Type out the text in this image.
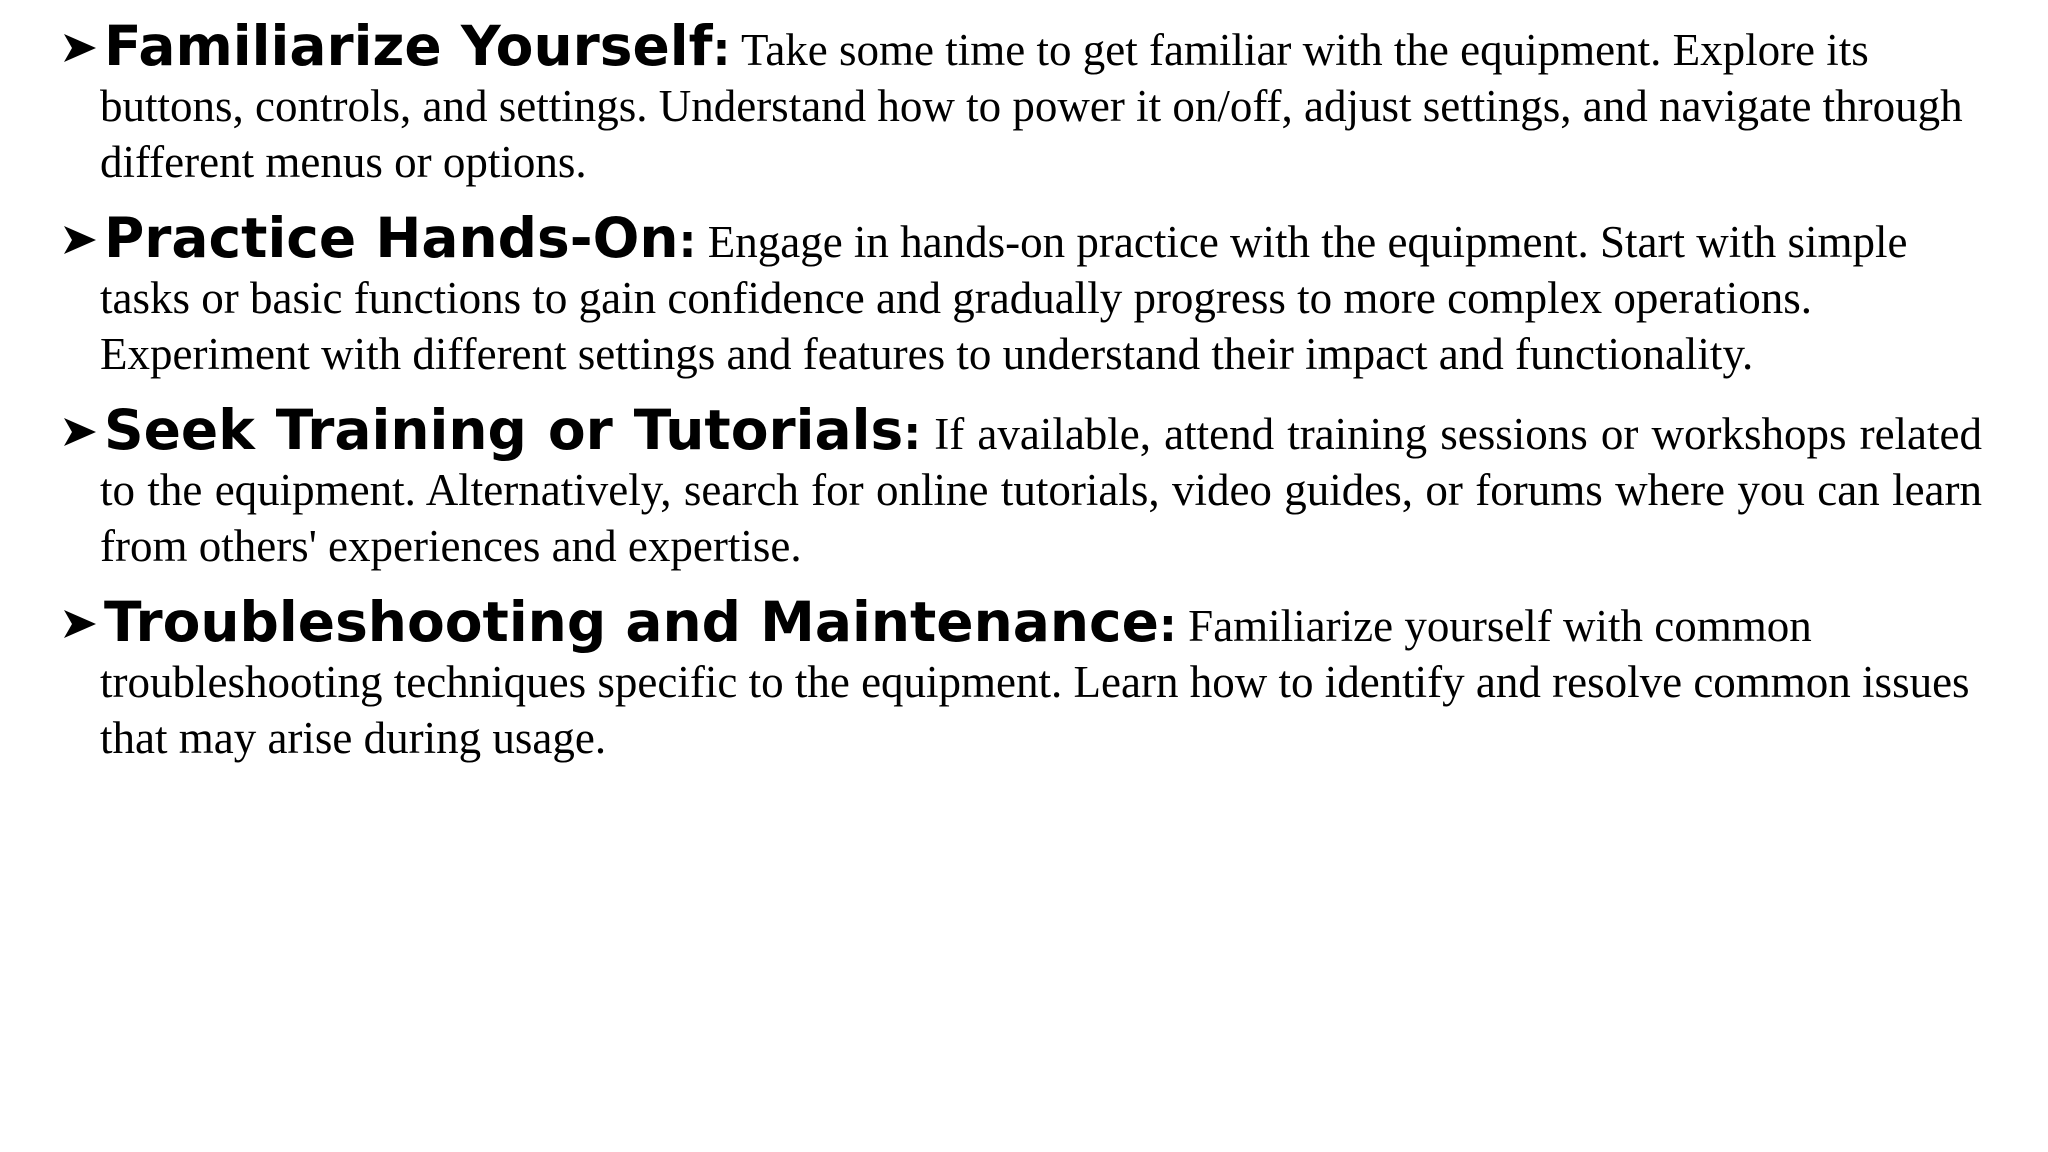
Familiarize Yourself: Take some time to get familiar with the equipment. Explore its buttons, controls, and settings. Understand how to power it on/off, adjust settings, and navigate through different menus or options.
Practice Hands-On: Engage in hands-on practice with the equipment. Start with simple tasks or basic functions to gain confidence and gradually progress to more complex operations. Experiment with different settings and features to understand their impact and functionality.
Seek Training or Tutorials: If available, attend training sessions or workshops related to the equipment. Alternatively, search for online tutorials, video guides, or forums where you can learn from others' experiences and expertise.
Troubleshooting and Maintenance: Familiarize yourself with common troubleshooting techniques specific to the equipment. Learn how to identify and resolve common issues that may arise during usage.
